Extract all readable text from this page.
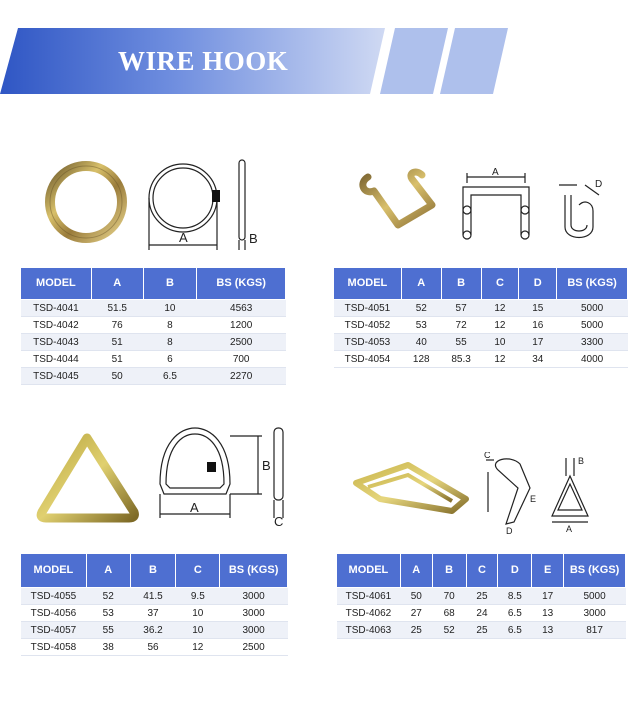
WIRE HOOK
A	B
A
D
A
B
C
C
D
E
A
B
MODEL	A	B	BS (KGS)
TSD-4041	51.5	10	4563
TSD-4042	76	8	1200
TSD-4043	51	8	2500
TSD-4044	51	6	700
TSD-4045	50	6.5	2270
MODEL	A	B	C	D	BS (KGS)
TSD-4051	52	57	12	15	5000
TSD-4052	53	72	12	16	5000
TSD-4053	40	55	10	17	3300
TSD-4054	128	85.3	12	34	4000
MODEL	A	B	C	BS (KGS)
TSD-4055	52	41.5	9.5	3000
TSD-4056	53	37	10	3000
TSD-4057	55	36.2	10	3000
TSD-4058	38	56	12	2500
MODEL	A	B	C	D	E	BS (KGS)
TSD-4061	50	70	25	8.5	17	5000
TSD-4062	27	68	24	6.5	13	3000
TSD-4063	25	52	25	6.5	13	817
